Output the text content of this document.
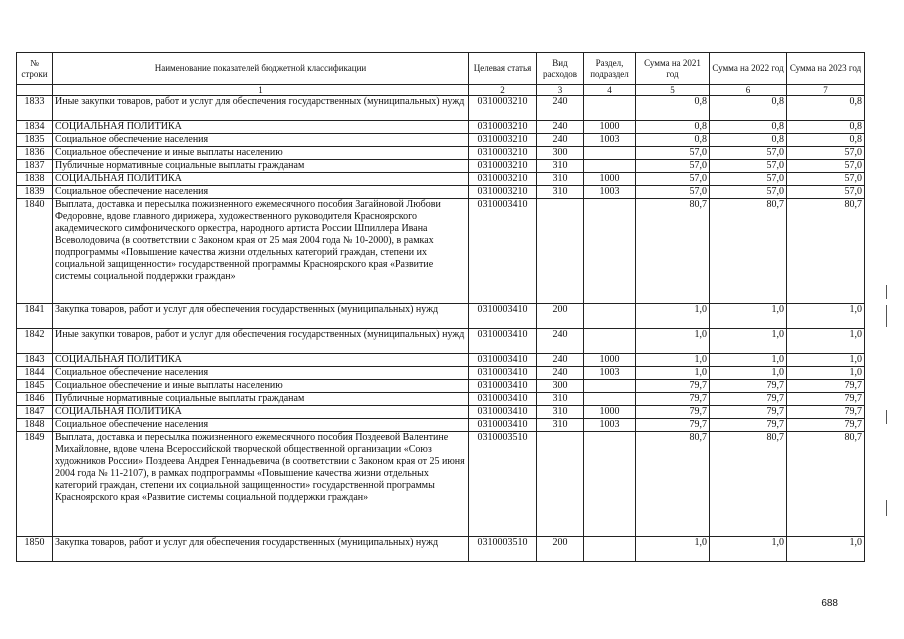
№ строки	Наименование показателей бюджетной классификации	Целевая статья	Вид расходов	Раздел, подраздел	Сумма на 2021 год	Сумма на 2022 год	Сумма на 2023 год
	1	2	3	4	5	6	7
1833	Иные закупки товаров, работ и услуг для обеспечения государственных (муниципальных) нужд	0310003210	240		0,8	0,8	0,8
1834	СОЦИАЛЬНАЯ ПОЛИТИКА	0310003210	240	1000	0,8	0,8	0,8
1835	Социальное обеспечение населения	0310003210	240	1003	0,8	0,8	0,8
1836	Социальное обеспечение и иные выплаты населению	0310003210	300		57,0	57,0	57,0
1837	Публичные нормативные социальные выплаты гражданам	0310003210	310		57,0	57,0	57,0
1838	СОЦИАЛЬНАЯ ПОЛИТИКА	0310003210	310	1000	57,0	57,0	57,0
1839	Социальное обеспечение населения	0310003210	310	1003	57,0	57,0	57,0
1840	Выплата, доставка и пересылка пожизненного ежемесячного пособия Загайновой Любови Федоровне, вдове главного дирижера, художественного руководителя Красноярского академического симфонического оркестра, народного артиста России Шпиллера Ивана Всеволодовича (в соответствии с Законом края от 25 мая 2004 года № 10-2000), в рамках подпрограммы «Повышение качества жизни отдельных категорий граждан, степени их социальной защищенности» государственной программы Красноярского края «Развитие системы социальной поддержки граждан»	0310003410			80,7	80,7	80,7
1841	Закупка товаров, работ и услуг для обеспечения государственных (муниципальных) нужд	0310003410	200		1,0	1,0	1,0
1842	Иные закупки товаров, работ и услуг для обеспечения государственных (муниципальных) нужд	0310003410	240		1,0	1,0	1,0
1843	СОЦИАЛЬНАЯ ПОЛИТИКА	0310003410	240	1000	1,0	1,0	1,0
1844	Социальное обеспечение населения	0310003410	240	1003	1,0	1,0	1,0
1845	Социальное обеспечение и иные выплаты населению	0310003410	300		79,7	79,7	79,7
1846	Публичные нормативные социальные выплаты гражданам	0310003410	310		79,7	79,7	79,7
1847	СОЦИАЛЬНАЯ ПОЛИТИКА	0310003410	310	1000	79,7	79,7	79,7
1848	Социальное обеспечение населения	0310003410	310	1003	79,7	79,7	79,7
1849	Выплата, доставка и пересылка пожизненного ежемесячного пособия Поздеевой Валентине Михайловне, вдове члена Всероссийской творческой общественной организации «Союз художников России» Поздеева Андрея Геннадьевича (в соответствии с Законом края от 25 июня 2004 года № 11-2107), в рамках подпрограммы «Повышение качества жизни отдельных категорий граждан, степени их социальной защищенности» государственной программы Красноярского края «Развитие системы социальной поддержки граждан»	0310003510			80,7	80,7	80,7
1850	Закупка товаров, работ и услуг для обеспечения государственных (муниципальных) нужд	0310003510	200		1,0	1,0	1,0
688
